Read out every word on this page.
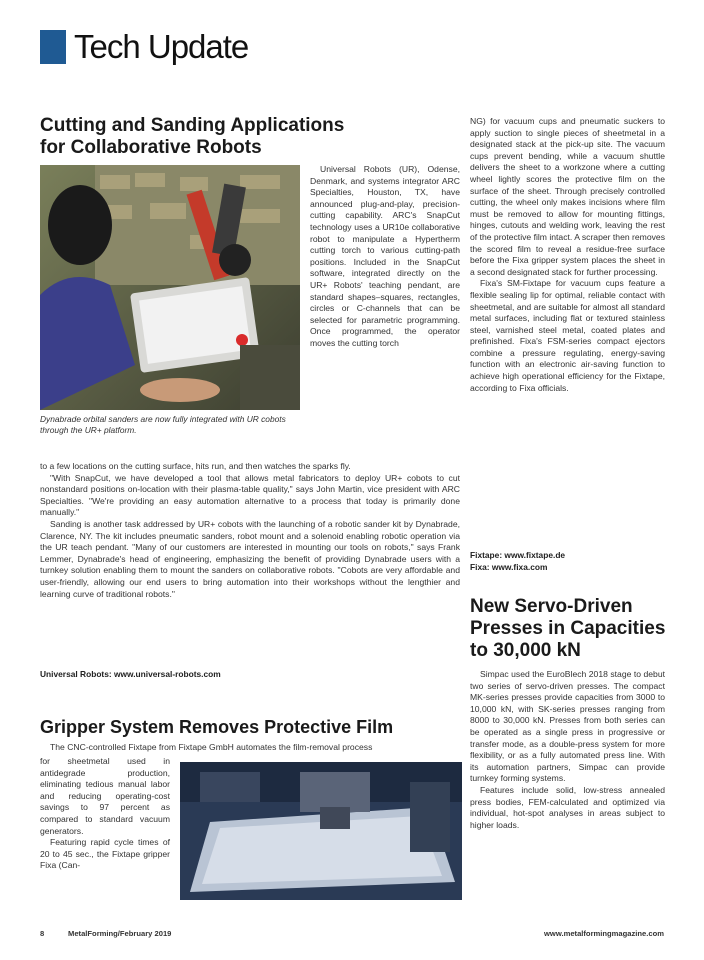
Tech Update
Cutting and Sanding Applications
for Collaborative Robots
Dynabrade orbital sanders are now fully integrated with UR cobots through the UR+ platform.

Universal Robots (UR), Odense, Denmark, and systems integrator ARC Specialties, Houston, TX, have announced plug-and-play, precision-cutting capability. ARC's SnapCut technology uses a UR10e collaborative robot to manipulate a Hypertherm cutting torch to various cutting-path positions. Included in the SnapCut software, integrated directly on the UR+ Robots' teaching pendant, are standard shapes–squares, rectangles, circles or C-channels that can be selected for parametric programming. Once programmed, the operator moves the cutting torch

to a few locations on the cutting surface, hits run, and then watches the sparks fly.

"With SnapCut, we have developed a tool that allows metal fabricators to deploy UR+ cobots to cut nonstandard positions on-location with their plasma-table quality," says John Martin, vice president with ARC Specialties. "We're providing an easy automation alternative to a process that today is primarily done manually."

Sanding is another task addressed by UR+ cobots with the launching of a robotic sander kit by Dynabrade, Clarence, NY. The kit includes pneumatic sanders, robot mount and a solenoid enabling robotic operation via the UR teach pendant. "Many of our customers are interested in mounting our tools on robots," says Frank Lemmer, Dynabrade's head of engineering, emphasizing the benefit of providing Dynabrade users with a turnkey solution enabling them to mount the sanders on collaborative robots. "Cobots are very affordable and user-friendly, allowing our end users to bring automation into their workshops without the lengthier and learning curve of traditional robots."

Universal Robots: www.universal-robots.com
Gripper System Removes Protective Film

The CNC-controlled Fixtape from Fixtape GmbH automates the film-removal process

for sheetmetal used in antidegrade production, eliminating tedious manual labor and reducing operating-cost savings to 97 percent as compared to standard vacuum generators.

Featuring rapid cycle times of 20 to 45 sec., the Fixtape gripper Fixa (Can-

NG) for vacuum cups and pneumatic suckers to apply suction to single pieces of sheetmetal in a designated stack at the pick-up site. The vacuum cups prevent bending, while a vacuum shuttle delivers the sheet to a workzone where a cutting wheel lightly scores the protective film on the surface of the sheet. Through precisely controlled cutting, the wheel only makes incisions where film must be removed to allow for mounting fittings, hinges, cutouts and welding work, leaving the rest of the protective film intact. A scraper then removes the scored film to reveal a residue-free surface before the Fixa gripper system places the sheet in a second designated stack for further processing.

Fixa's SM-Fixtape for vacuum cups feature a flexible sealing lip for optimal, reliable contact with sheetmetal, and are suitable for almost all standard metal surfaces, including flat or textured stainless steel, varnished steel metal, coated plates and prefinished. Fixa's FSM-series compact ejectors combine a pressure regulating, energy-saving function with an electronic air-saving function to achieve high operational efficiency for the Fixtape, according to Fixa officials.

Fixtape: www.fixtape.de
Fixa: www.fixa.com
New Servo-Driven
Presses in Capacities
to 30,000 kN

Simpac used the EuroBlech 2018 stage to debut two series of servo-driven presses. The compact MK-series presses provide capacities from 3000 to 10,000 kN, with SK-series presses ranging from 8000 to 30,000 kN. Presses from both series can be operated as a single press in progressive or transfer mode, as a double-press system for more flexibility, or as a fully automated press line. With its automation partners, Simpac can provide turnkey forming systems.

Features include solid, low-stress annealed press bodies, FEM-calculated and optimized via individual, hot-spot analyses in areas subject to higher loads.

8	MetalForming/February 2019	www.metalformingmagazine.com
